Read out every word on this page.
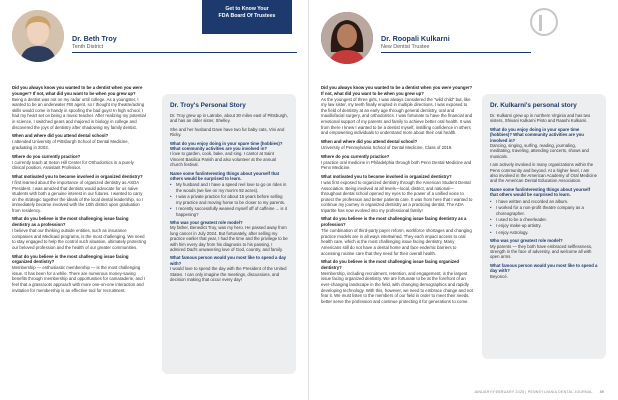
Get to Know Your
FDA Board Of Trustees
Dr. Beth Troy
Tenth District
Did you always know you wanted to be a dentist when you were younger? If not, what did you want to be when you grew up?
Being a dentist was not on my radar until college. As a youngster, I wanted to be an underwater FBI agent, so I thought my theatre/acting skills would come in handy in spoofing the bad guys! In high school, I had my heart set on being a music teacher. After realizing my potential in science, I switched gears and majored in biology in college and discovered the joys of dentistry after shadowing my family dentist.
When and where did you attend dental school?
I attended University of Pittsburgh School of Dental Medicine, graduating in 2003.
Where do you currently practice?
I currently teach at Seton Hill Center for Orthodontics in a purely clinical position, Assistant Professor.
What motivated you to become involved in organized dentistry?
I first learned about the importance of organized dentistry as ASDA President. I was amazed that dentists would advocate for us naive students with both a genuine interest in our futures. I wanted to carry on the strategic together the ideals of the local dental leadership, so I immediately became involved with the 10th district upon graduation from residency.
What do you believe is the most challenging issue facing dentistry as a profession?
I believe that our thinking outside entities, such as insurance companies and Medicaid programs, is the most challenging. We need to stay engaged to help the control such situation, ultimately protecting our beloved profession and the health of our greater communities.
What do you believe is the most challenging issue facing organized dentistry?
Membership — enthusiastic membership — is the most challenging issue. It has been for a while. There are numerous money-saving benefits through membership and opportunities for camaraderie, and I feel that a grassroots approach with more one-on-one interaction and invitation for membership is an effective tool for recruitment.
Dr. Troy's Personal Story
Dr. Troy grew up in Latrobe, about 30 miles east of Pittsburgh, and has an older sister, Shelley.
She and her husband Dave have two fur baby cats, Vini and Ricky.
What do you enjoy doing in your spare time (hobbies)? What community activities are you involved in?
I love to garden, cook, bake, and sing. I cantor at Saint Vincent Basilica Parish and also volunteer at the annual church festival.
Name some fun/interesting things about yourself that others would be surprised to learn.
• My husband and I have a speed reel love to go on rides in the woods (we live on my mom's 92 acres).
• I was a private practice for about 15 years before selling my practice and moving home to be closer to my parents.
• I recently successfully weaned myself off of caffeine ... is it happening?
Who was your greatest role model?
My father, Benedict Troy, was my hero. He passed away from lung cancer in July 2024. But fortunately, after selling my practice earlier that year, I had the time and the privilege to be with him every day from his diagnosis to his passing. I admired Dad's unwavering love of God, country, and family.
What famous person would you most like to spend a day with?
I would love to spend the day with the President of the United States. I can only imagine the meetings, discussions, and decision making that occur every day!
Dr. Roopali Kulkarni
New Dentist Trustee
Did you always know you wanted to be a dentist when you were younger? If not, what did you want to be when you grew up?
As the youngest of three girls, I was always considered the "wild child" but, like my law sister, my teeth finally erupted in multiple directions. I was exposed to the field of dentistry at an early age through general dentistry, oral and maxillofacial surgery, and orthodontics. I was fortunate to have the financial and emotional support of my parents and family to achieve better oral health. It was from there I knew I wanted to be a dentist myself, instilling confidence in others and empowering individuals to understand more about their oral health.
When and where did you attend dental school?
University of Pennsylvania School of Dental Medicine, Class of 2019.
Where do you currently practice?
I practice oral medicine in Philadelphia through both Penn Dental Medicine and Penn Medicine.
What motivated you to become involved in organized dentistry?
I was first exposed to organized dentistry through the American Student Dental Association. Being involved at all levels—local, district, and national—throughout dental school opened my eyes to the power of a unified voice to protect the profession and better patients care. It was from here that I wanted to continue my journey in organized dentistry as a practicing dentist. The ADA tripartite has now evolved into my professional family!
What do you believe is the most challenging issue facing dentistry as a profession?
The combination of third-party payer reform, workforce shortages and changing practice models are in all ways intertwined. They each impact access to oral health care, which is the most challenging issue facing dentistry. Many Americans still do not have a dental home and face endemic barriers to accessing routine care that they need for their overall health.
What do you believe is the most challenging issue facing organized dentistry?
Membership, including recruitment, retention, and engagement, is the largest issue facing organized dentistry. We are fortunate to be at the forefront of an ever-changing landscape in the field, with changing demographics and rapidly developing technology. With this, however, we need to embrace change and not fear it. We must listen to the members of our field in order to meet their needs, better serve the profession and continue protecting it for generations to come.
Dr. Kulkarni's personal story
Dr. Kulkarni grew up in northern Virginia and has two sisters, Shivani Kulkarni Pinto and Raashi Kulkarni.
What do you enjoy doing in your spare time (hobbies)? What community activities are you involved in?
Dancing, singing, surfing, reading, journaling, meditating, traveling, attending concerts, shows and musicals.
I am actively involved in many organizations within the Penn community and beyond. At a higher level, I am also involved in the American Academy of Oral Medicine and the American Dental Education Association.
Name some fun/interesting things about yourself that others would be surprised to learn.
• I have written and recorded an album.
• I worked for a non-profit theatre company as a choreographer.
• I used to be a cheerleader.
• I enjoy make-up artistry.
• I enjoy Astrology.
Who was your greatest role model?
My parents — they both have embraced selflessness, strength in the face of adversity, and welcome all with open arms.
What famous person would you most like to spend a day with?
Beyoncé.
JANUARY/FEBRUARY 2025 | PENNSYLVANIA DENTAL JOURNAL 39
